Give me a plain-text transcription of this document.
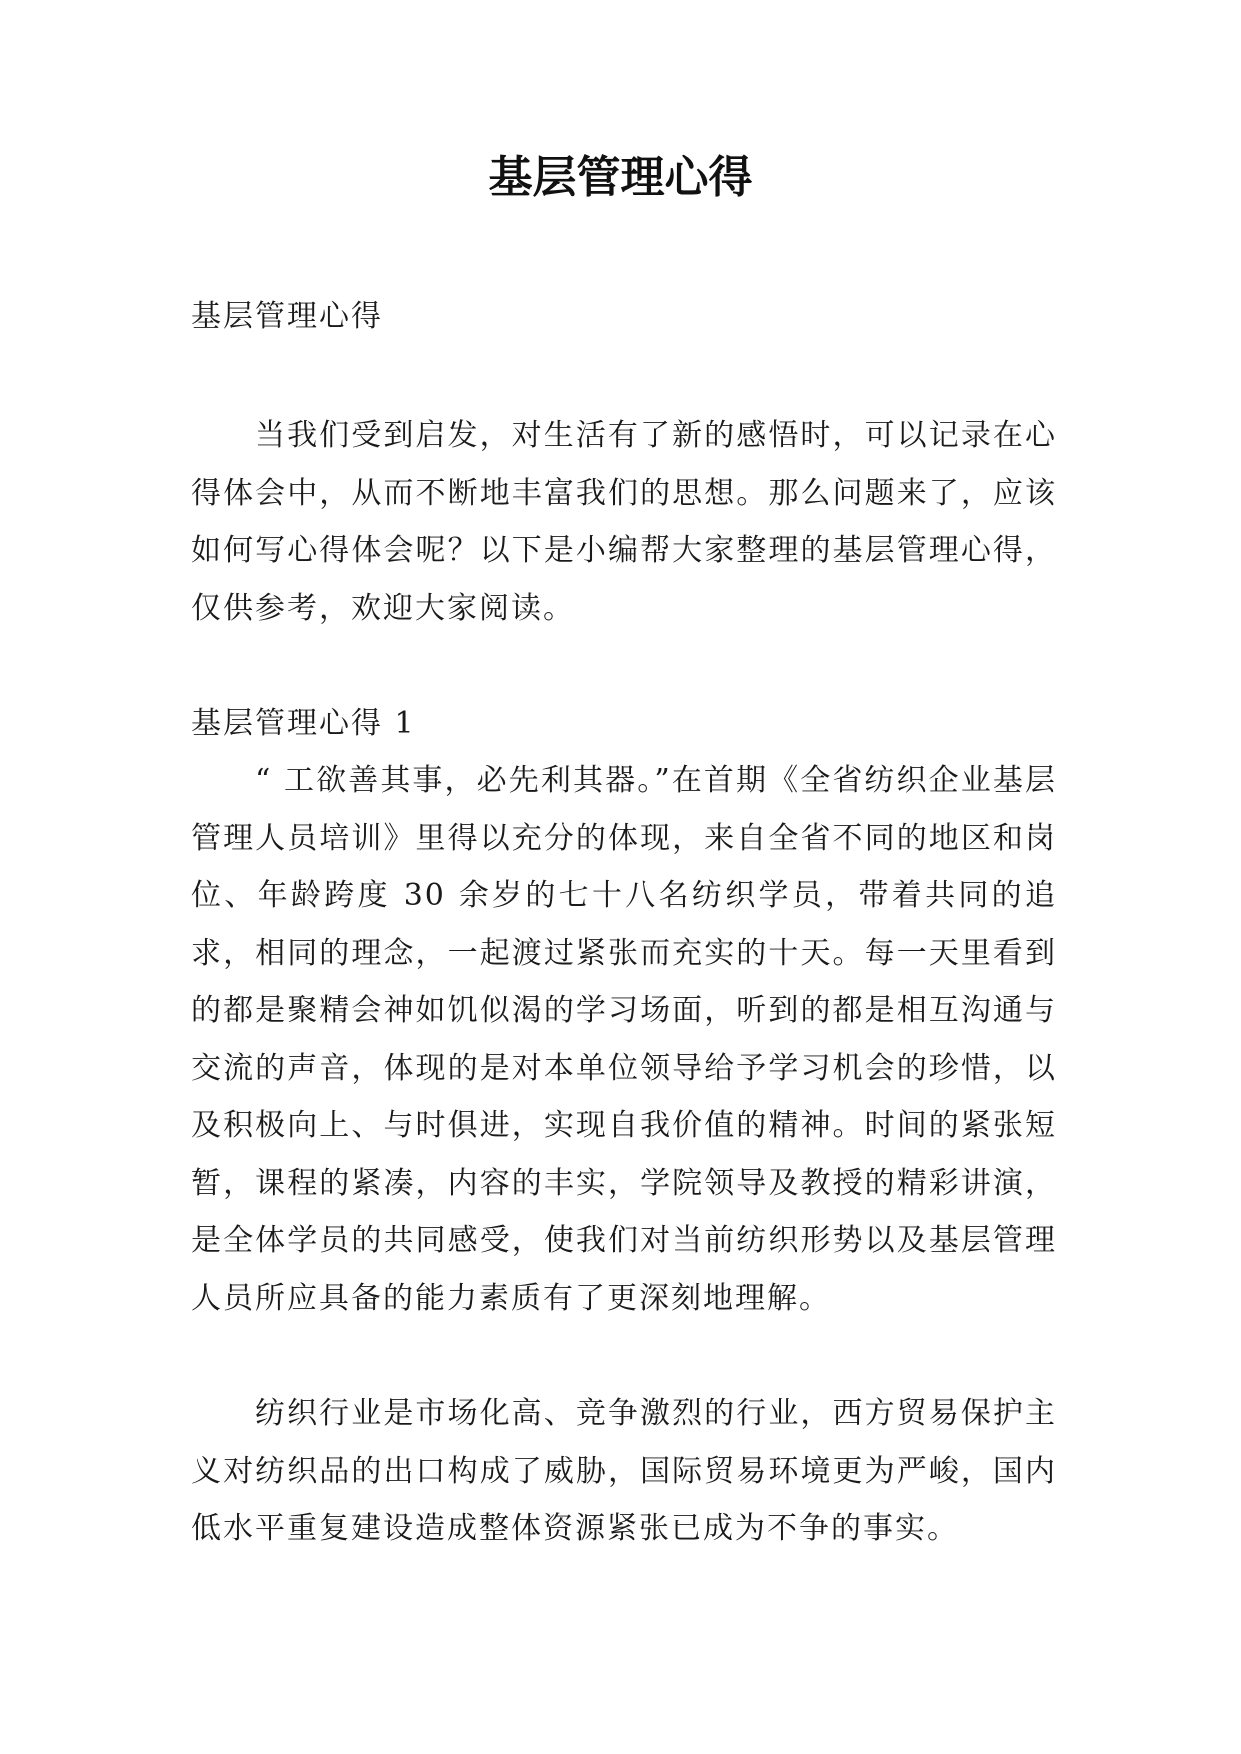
基层管理心得

基层管理心得

当我们受到启发，对生活有了新的感悟时，可以记录在心得体会中，从而不断地丰富我们的思想。那么问题来了，应该如何写心得体会呢？以下是小编帮大家整理的基层管理心得，仅供参考，欢迎大家阅读。

基层管理心得 1

“ 工欲善其事，必先利其器。”在首期《全省纺织企业基层管理人员培训》里得以充分的体现，来自全省不同的地区和岗位、年龄跨度 30 余岁的七十八名纺织学员，带着共同的追求，相同的理念，一起渡过紧张而充实的十天。每一天里看到的都是聚精会神如饥似渴的学习场面，听到的都是相互沟通与交流的声音，体现的是对本单位领导给予学习机会的珍惜，以及积极向上、与时俱进，实现自我价值的精神。时间的紧张短暂，课程的紧凑，内容的丰实，学院领导及教授的精彩讲演，是全体学员的共同感受，使我们对当前纺织形势以及基层管理人员所应具备的能力素质有了更深刻地理解。

纺织行业是市场化高、竞争激烈的行业，西方贸易保护主义对纺织品的出口构成了威胁，国际贸易环境更为严峻，国内低水平重复建设造成整体资源紧张已成为不争的事实。
